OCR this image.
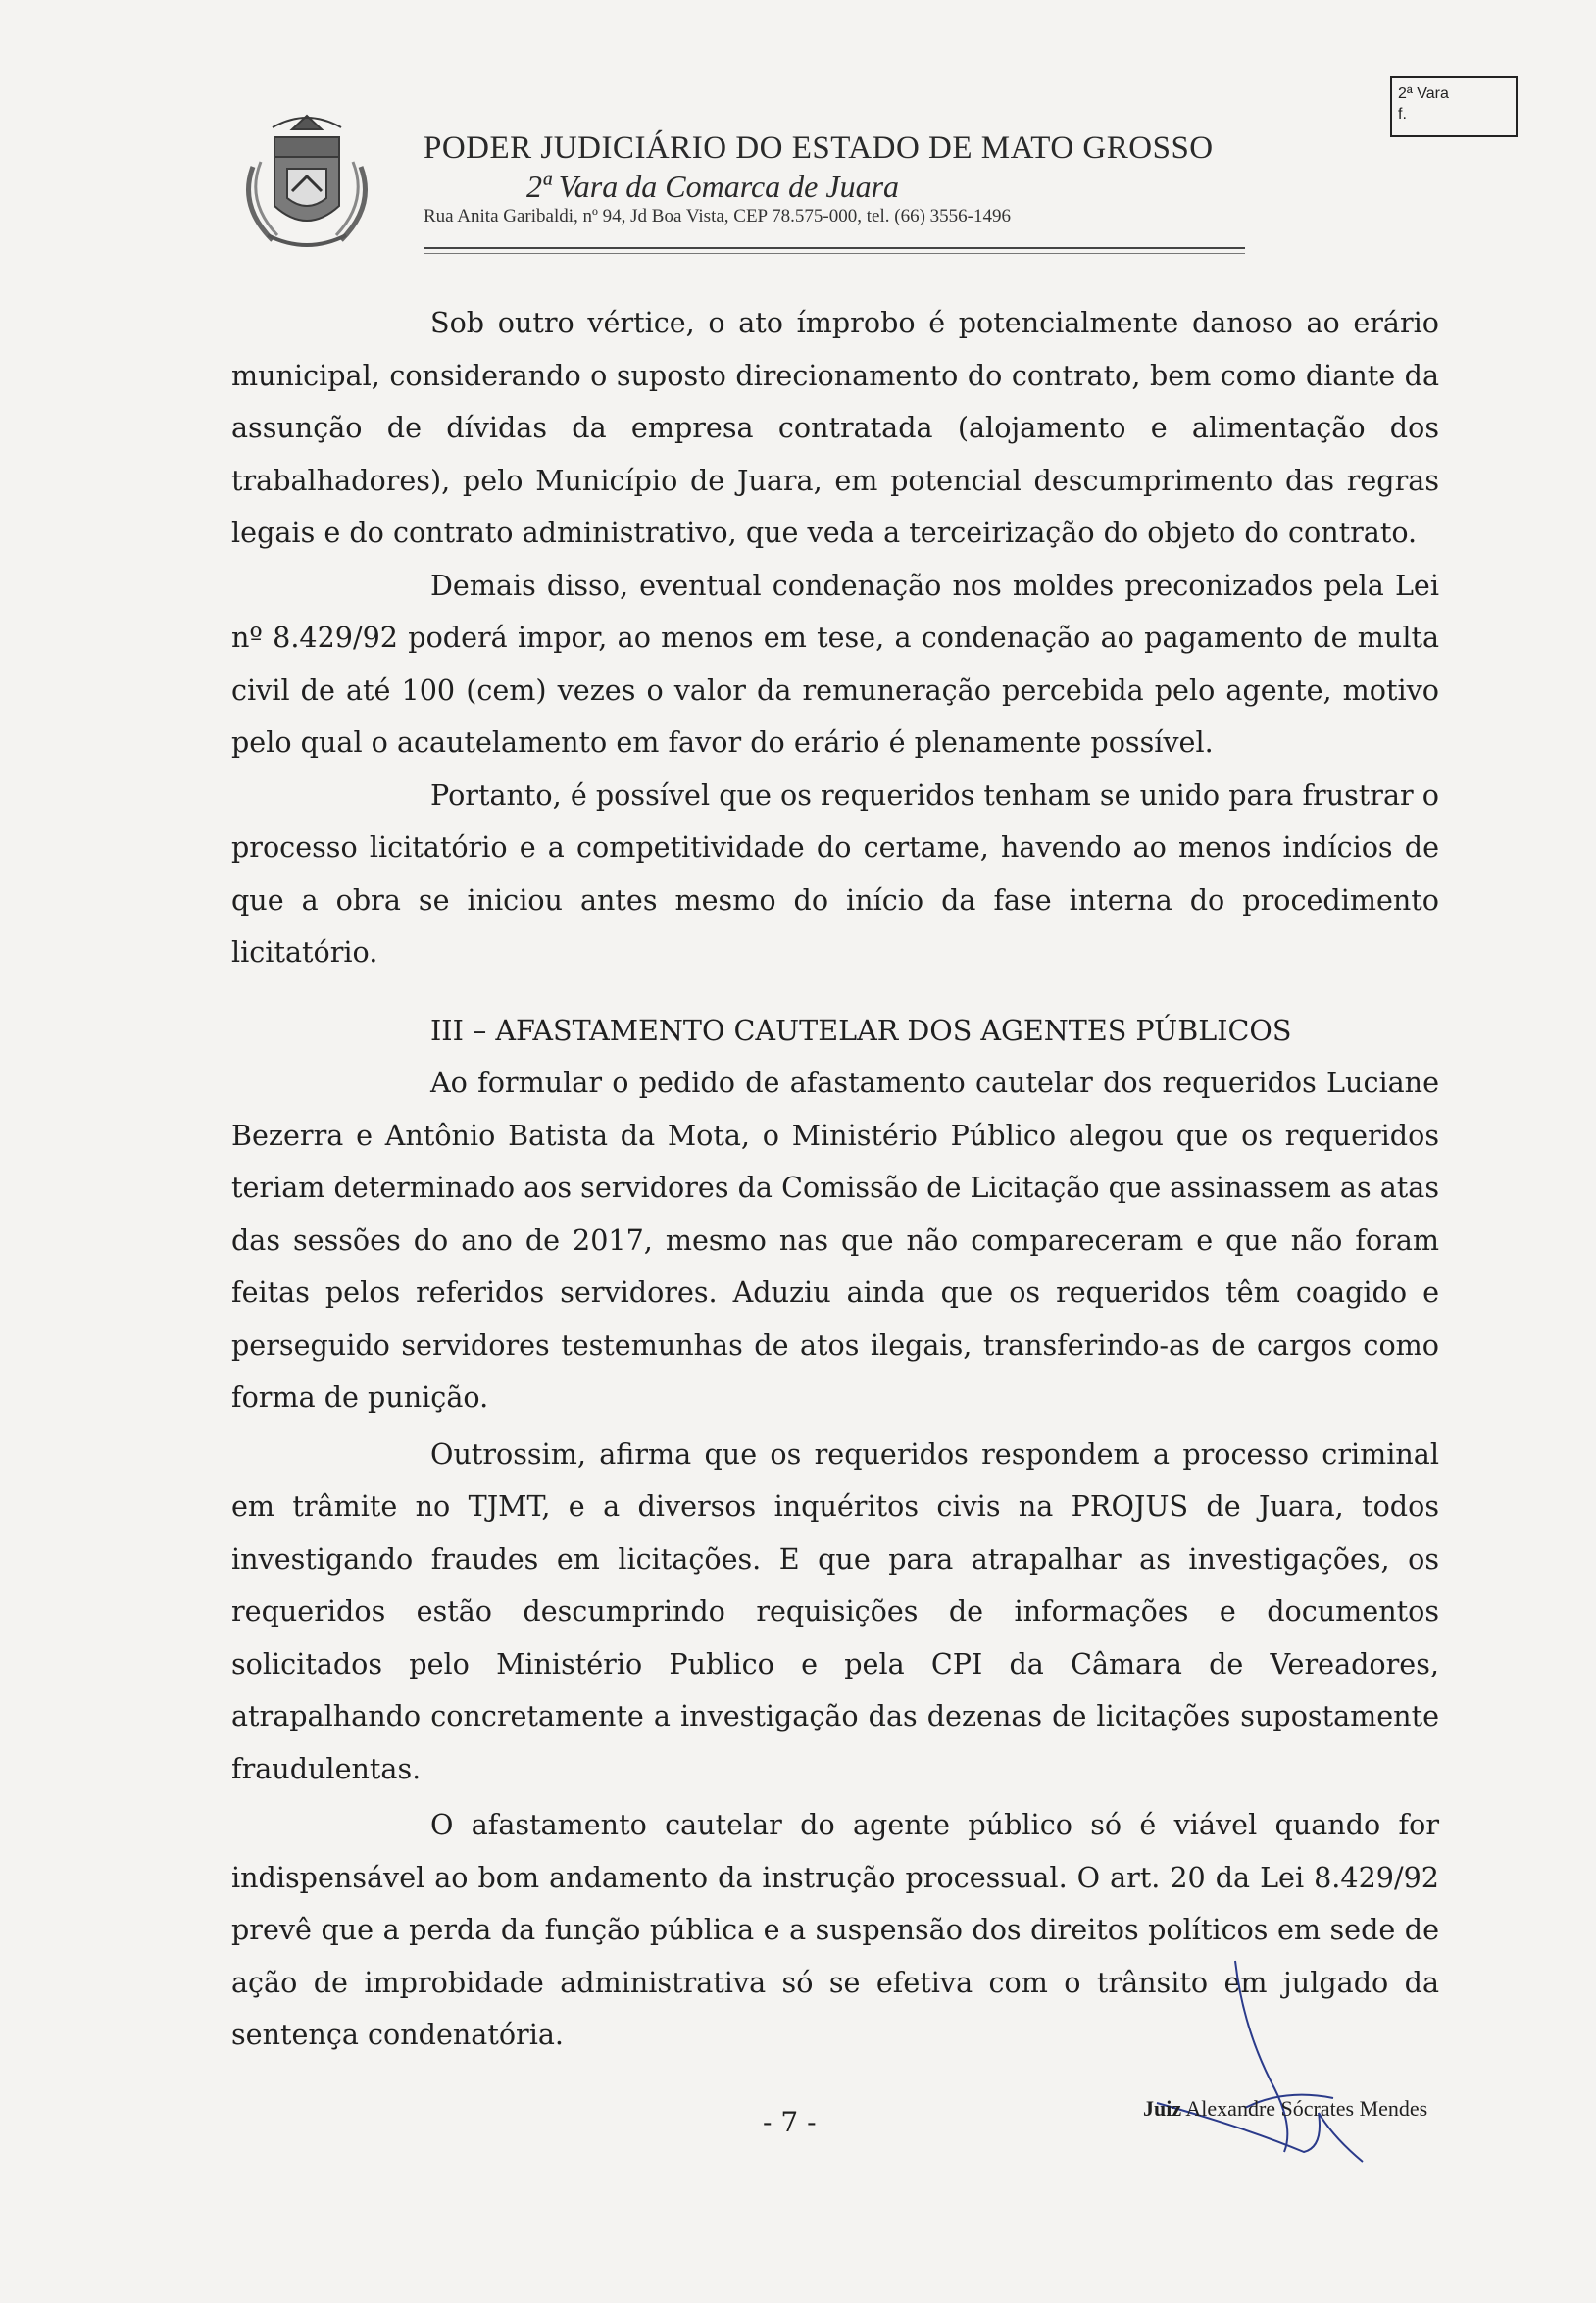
PODER JUDICIÁRIO DO ESTADO DE MATO GROSSO
2ª Vara da Comarca de Juara
Rua Anita Garibaldi, nº 94, Jd Boa Vista, CEP 78.575-000, tel. (66) 3556-1496
2ª Vara
f.

Sob outro vértice, o ato ímprobo é potencialmente danoso ao erário municipal, considerando o suposto direcionamento do contrato, bem como diante da assunção de dívidas da empresa contratada (alojamento e alimentação dos trabalhadores), pelo Município de Juara, em potencial descumprimento das regras legais e do contrato administrativo, que veda a terceirização do objeto do contrato.

Demais disso, eventual condenação nos moldes preconizados pela Lei nº 8.429/92 poderá impor, ao menos em tese, a condenação ao pagamento de multa civil de até 100 (cem) vezes o valor da remuneração percebida pelo agente, motivo pelo qual o acautelamento em favor do erário é plenamente possível.

Portanto, é possível que os requeridos tenham se unido para frustrar o processo licitatório e a competitividade do certame, havendo ao menos indícios de que a obra se iniciou antes mesmo do início da fase interna do procedimento licitatório.

III – AFASTAMENTO CAUTELAR DOS AGENTES PÚBLICOS

Ao formular o pedido de afastamento cautelar dos requeridos Luciane Bezerra e Antônio Batista da Mota, o Ministério Público alegou que os requeridos teriam determinado aos servidores da Comissão de Licitação que assinassem as atas das sessões do ano de 2017, mesmo nas que não compareceram e que não foram feitas pelos referidos servidores. Aduziu ainda que os requeridos têm coagido e perseguido servidores testemunhas de atos ilegais, transferindo-as de cargos como forma de punição.

Outrossim, afirma que os requeridos respondem a processo criminal em trâmite no TJMT, e a diversos inquéritos civis na PROJUS de Juara, todos investigando fraudes em licitações. E que para atrapalhar as investigações, os requeridos estão descumprindo requisições de informações e documentos solicitados pelo Ministério Publico e pela CPI da Câmara de Vereadores, atrapalhando concretamente a investigação das dezenas de licitações supostamente fraudulentas.

O afastamento cautelar do agente público só é viável quando for indispensável ao bom andamento da instrução processual. O art. 20 da Lei 8.429/92 prevê que a perda da função pública e a suspensão dos direitos políticos em sede de ação de improbidade administrativa só se efetiva com o trânsito em julgado da sentença condenatória.

- 7 -	Juiz Alexandre Sócrates Mendes
